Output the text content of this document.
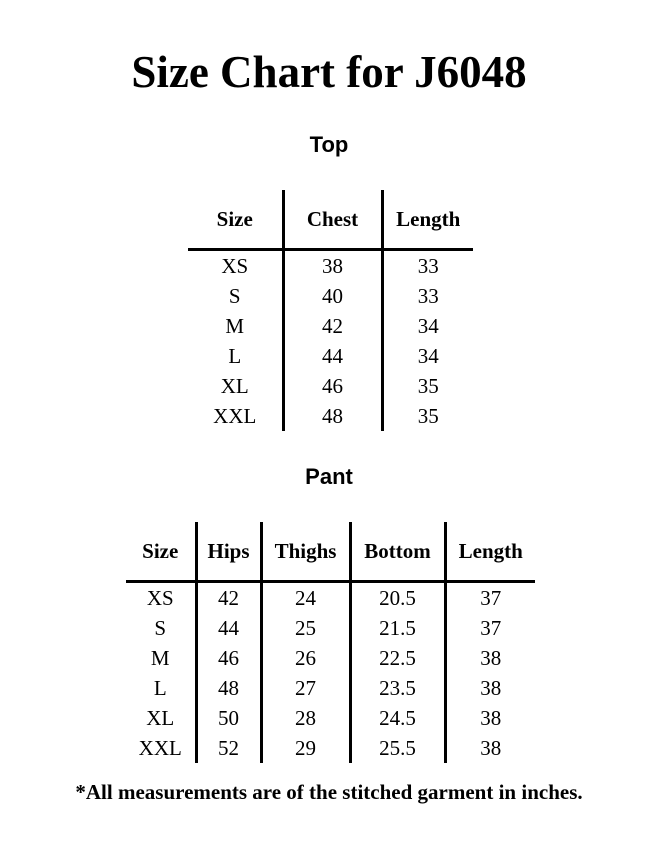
Size Chart for J6048
Top
Size	Chest	Length
XS	38	33
S	40	33
M	42	34
L	44	34
XL	46	35
XXL	48	35
Pant
Size	Hips	Thighs	Bottom	Length
XS	42	24	20.5	37
S	44	25	21.5	37
M	46	26	22.5	38
L	48	27	23.5	38
XL	50	28	24.5	38
XXL	52	29	25.5	38
*All measurements are of the stitched garment in inches.
